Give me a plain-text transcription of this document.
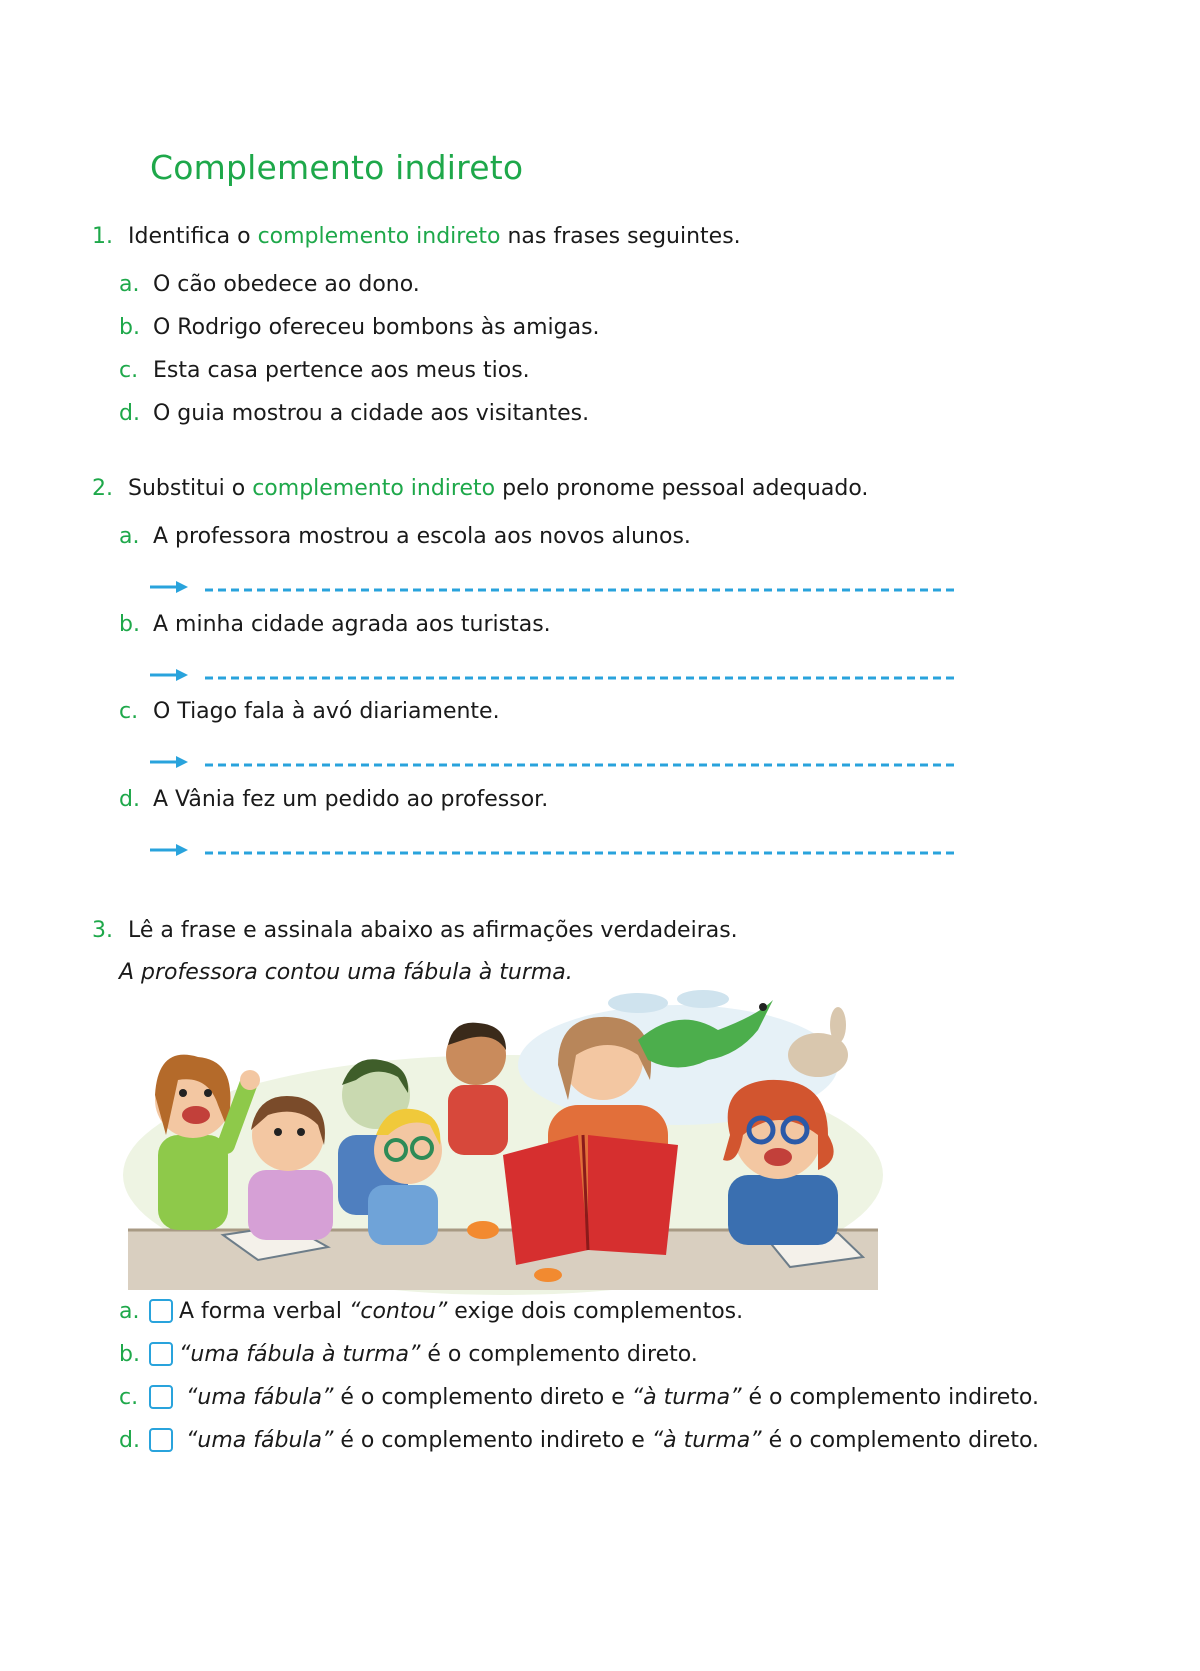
Complemento indireto
1. Identifica o complemento indireto nas frases seguintes.
a. O cão obedece ao dono.
b. O Rodrigo ofereceu bombons às amigas.
c. Esta casa pertence aos meus tios.
d. O guia mostrou a cidade aos visitantes.
2. Substitui o complemento indireto pelo pronome pessoal adequado.
a. A professora mostrou a escola aos novos alunos.
b. A minha cidade agrada aos turistas.
c. O Tiago fala à avó diariamente.
d. A Vânia fez um pedido ao professor.
3. Lê a frase e assinala abaixo as afirmações verdadeiras.
A professora contou uma fábula à turma.
a. A forma verbal “contou” exige dois complementos.
b. “uma fábula à turma” é o complemento direto.
c. “uma fábula” é o complemento direto e “à turma” é o complemento indireto.
d. “uma fábula” é o complemento indireto e “à turma” é o complemento direto.
